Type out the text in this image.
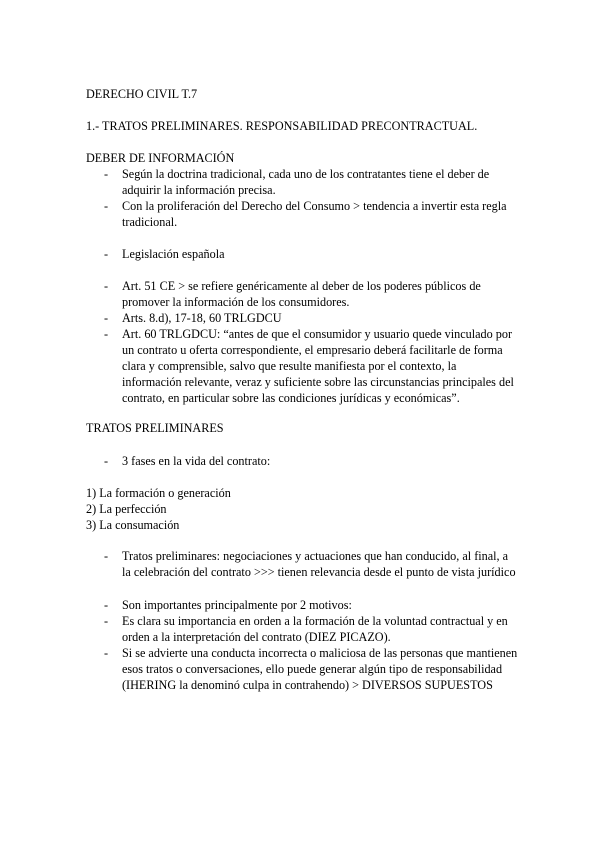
DERECHO CIVIL T.7
1.- TRATOS PRELIMINARES. RESPONSABILIDAD PRECONTRACTUAL.
DEBER DE INFORMACIÓN
- Según la doctrina tradicional, cada uno de los contratantes tiene el deber de
adquirir la información precisa.
- Con la proliferación del Derecho del Consumo > tendencia a invertir esta regla
tradicional.
- Legislación española
- Art. 51 CE > se refiere genéricamente al deber de los poderes públicos de
promover la información de los consumidores.
- Arts. 8.d), 17-18, 60 TRLGDCU
- Art. 60 TRLGDCU: “antes de que el consumidor y usuario quede vinculado por
un contrato u oferta correspondiente, el empresario deberá facilitarle de forma
clara y comprensible, salvo que resulte manifiesta por el contexto, la
información relevante, veraz y suficiente sobre las circunstancias principales del
contrato, en particular sobre las condiciones jurídicas y económicas”.
TRATOS PRELIMINARES
- 3 fases en la vida del contrato:
1) La formación o generación
2) La perfección
3) La consumación
- Tratos preliminares: negociaciones y actuaciones que han conducido, al final, a
la celebración del contrato >>> tienen relevancia desde el punto de vista jurídico
- Son importantes principalmente por 2 motivos:
- Es clara su importancia en orden a la formación de la voluntad contractual y en
orden a la interpretación del contrato (DIEZ PICAZO).
- Si se advierte una conducta incorrecta o maliciosa de las personas que mantienen
esos tratos o conversaciones, ello puede generar algún tipo de responsabilidad
(IHERING la denominó culpa in contrahendo) > DIVERSOS SUPUESTOS
